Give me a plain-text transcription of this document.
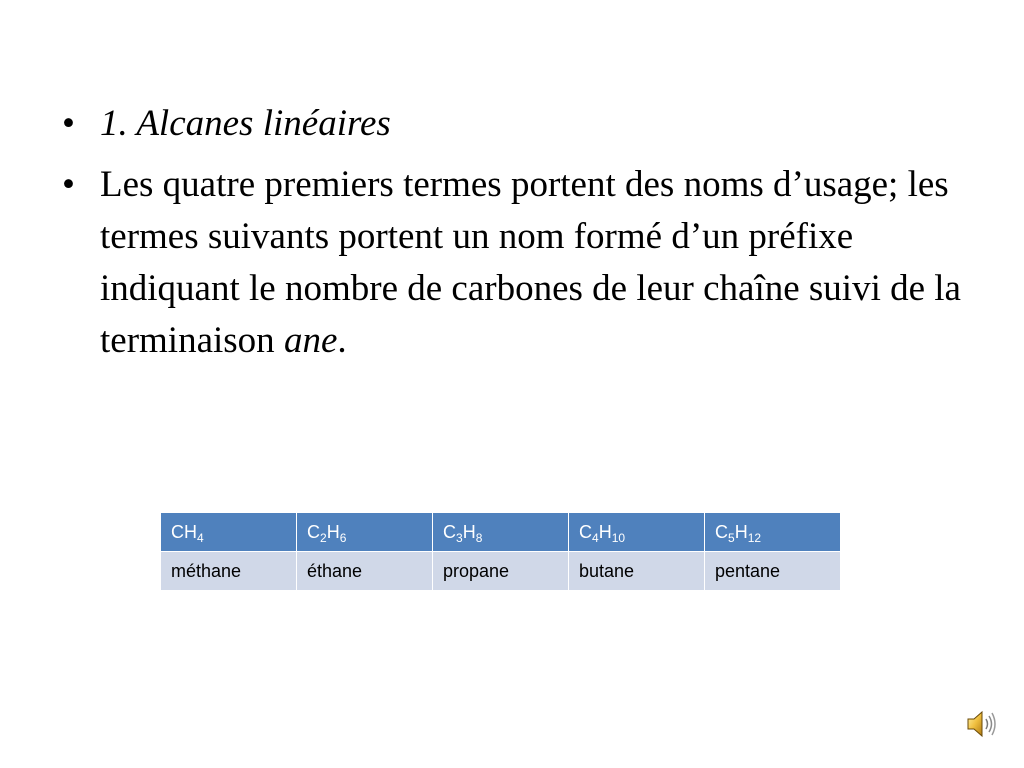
• 1. Alcanes linéaires
• Les quatre premiers termes portent des noms d’usage; les termes suivants portent un nom formé d’un préfixe indiquant le nombre de carbones de leur chaîne suivi de la terminaison ane.
$CH_4$	$C_2H_6$	$C_3H_8$	$C_4H_{10}$	$C_5H_{12}$
méthane	éthane	propane	butane	pentane
